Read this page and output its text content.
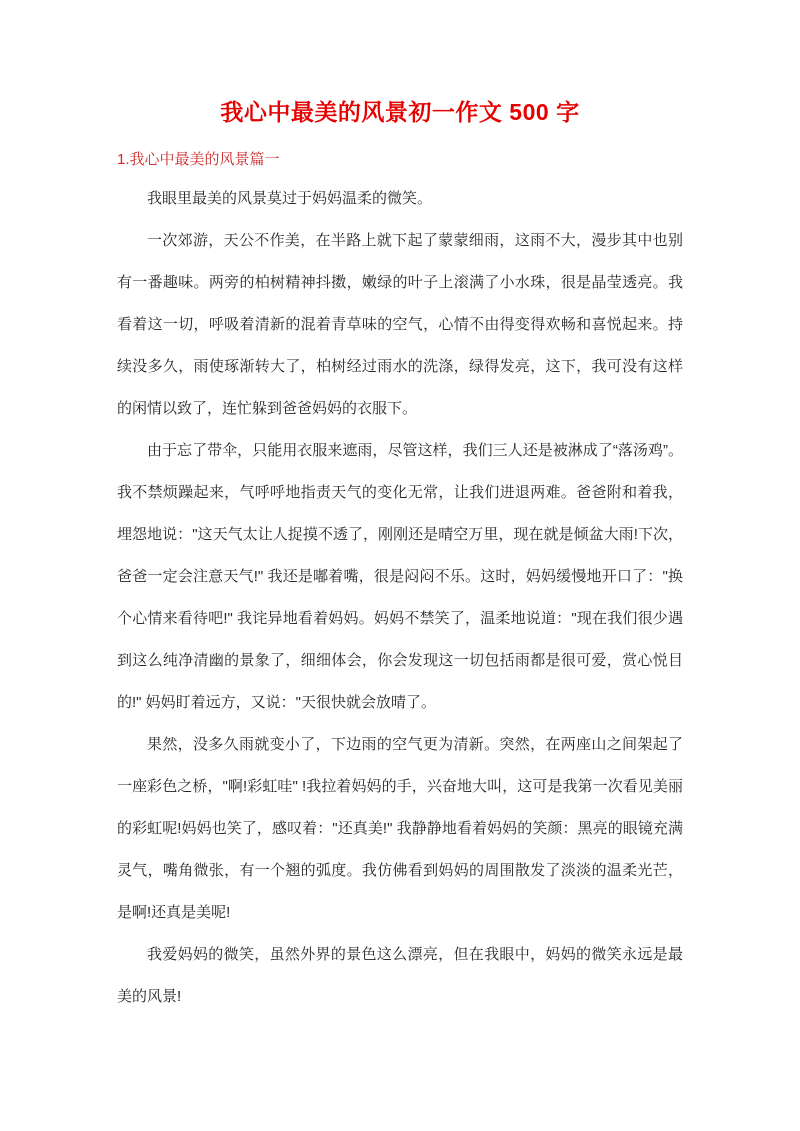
我心中最美的风景初一作文 500 字
1.我心中最美的风景篇一

我眼里最美的风景莫过于妈妈温柔的微笑。

一次郊游，天公不作美，在半路上就下起了蒙蒙细雨，这雨不大，漫步其中也别有一番趣味。两旁的柏树精神抖擞，嫩绿的叶子上滚满了小水珠，很是晶莹透亮。我看着这一切，呼吸着清新的混着青草味的空气，心情不由得变得欢畅和喜悦起来。持续没多久，雨使琢渐转大了，柏树经过雨水的洗涤，绿得发亮，这下，我可没有这样的闲情以致了，连忙躲到爸爸妈妈的衣服下。

由于忘了带伞，只能用衣服来遮雨，尽管这样，我们三人还是被淋成了“落汤鸡”。我不禁烦躁起来，气呼呼地指责天气的变化无常，让我们进退两难。爸爸附和着我，埋怨地说："这天气太让人捉摸不透了，刚刚还是晴空万里，现在就是倾盆大雨!下次，爸爸一定会注意天气!" 我还是嘟着嘴，很是闷闷不乐。这时，妈妈缓慢地开口了："换个心情来看待吧!" 我诧异地看着妈妈。妈妈不禁笑了，温柔地说道："现在我们很少遇到这么纯净清幽的景象了，细细体会，你会发现这一切包括雨都是很可爱，赏心悦目的!" 妈妈盯着远方，又说："天很快就会放晴了。

果然，没多久雨就变小了，下边雨的空气更为清新。突然，在两座山之间架起了一座彩色之桥，"啊!彩虹哇" !我拉着妈妈的手，兴奋地大叫，这可是我第一次看见美丽的彩虹呢!妈妈也笑了，感叹着："还真美!" 我静静地看着妈妈的笑颜：黑亮的眼镜充满灵气，嘴角微张，有一个翘的弧度。我仿佛看到妈妈的周围散发了淡淡的温柔光芒，是啊!还真是美呢!

我爱妈妈的微笑，虽然外界的景色这么漂亮，但在我眼中，妈妈的微笑永远是最美的风景!
